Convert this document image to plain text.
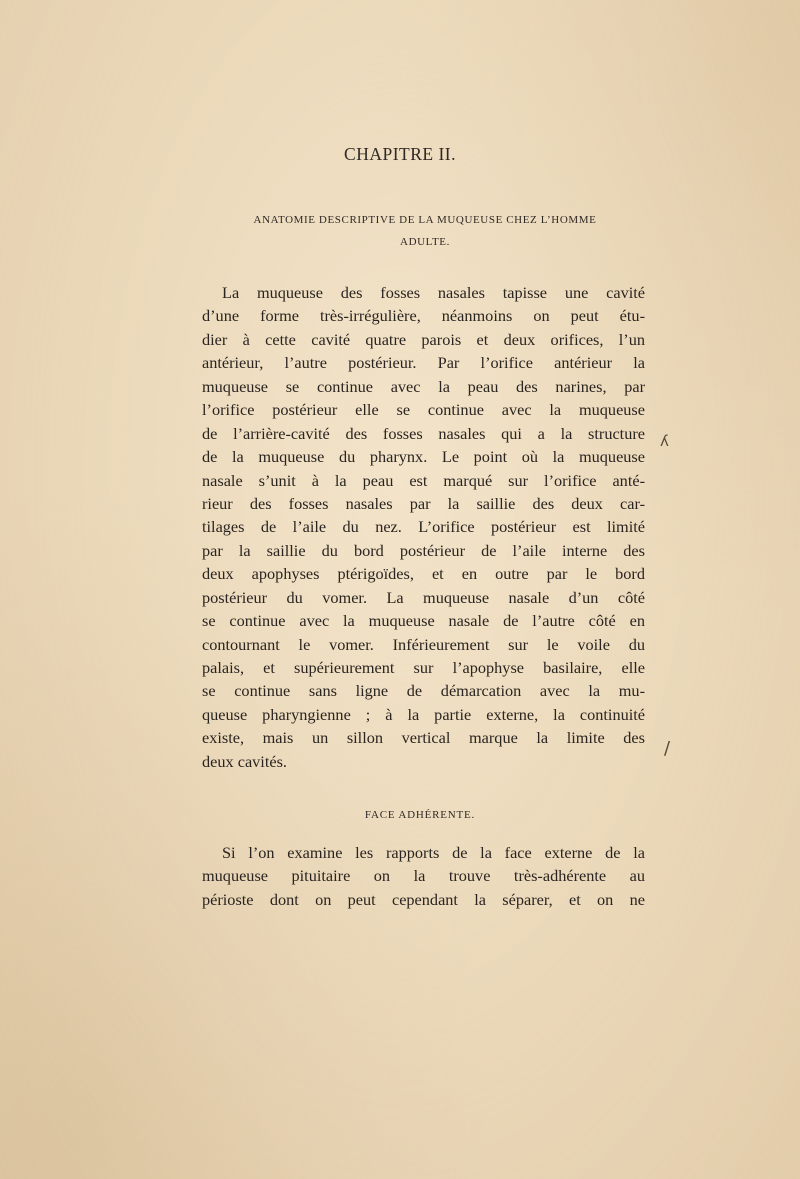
CHAPITRE II.
ANATOMIE DESCRIPTIVE DE LA MUQUEUSE CHEZ L’HOMME
ADULTE.
La muqueuse des fosses nasales tapisse une cavité
d’une forme très-irrégulière, néanmoins on peut étu-
dier à cette cavité quatre parois et deux orifices, l’un
antérieur, l’autre postérieur. Par l’orifice antérieur la
muqueuse se continue avec la peau des narines, par
l’orifice postérieur elle se continue avec la muqueuse
de l’arrière-cavité des fosses nasales qui a la structure
de la muqueuse du pharynx. Le point où la muqueuse
nasale s’unit à la peau est marqué sur l’orifice anté-
rieur des fosses nasales par la saillie des deux car-
tilages de l’aile du nez. L’orifice postérieur est limité
par la saillie du bord postérieur de l’aile interne des
deux apophyses ptérigoïdes, et en outre par le bord
postérieur du vomer. La muqueuse nasale d’un côté
se continue avec la muqueuse nasale de l’autre côté en
contournant le vomer. Inférieurement sur le voile du
palais, et supérieurement sur l’apophyse basilaire, elle
se continue sans ligne de démarcation avec la mu-
queuse pharyngienne ; à la partie externe, la continuité
existe, mais un sillon vertical marque la limite des
deux cavités.
FACE ADHÉRENTE.
Si l’on examine les rapports de la face externe de la
muqueuse pituitaire on la trouve très-adhérente au
périoste dont on peut cependant la séparer, et on ne
ʎ
/
